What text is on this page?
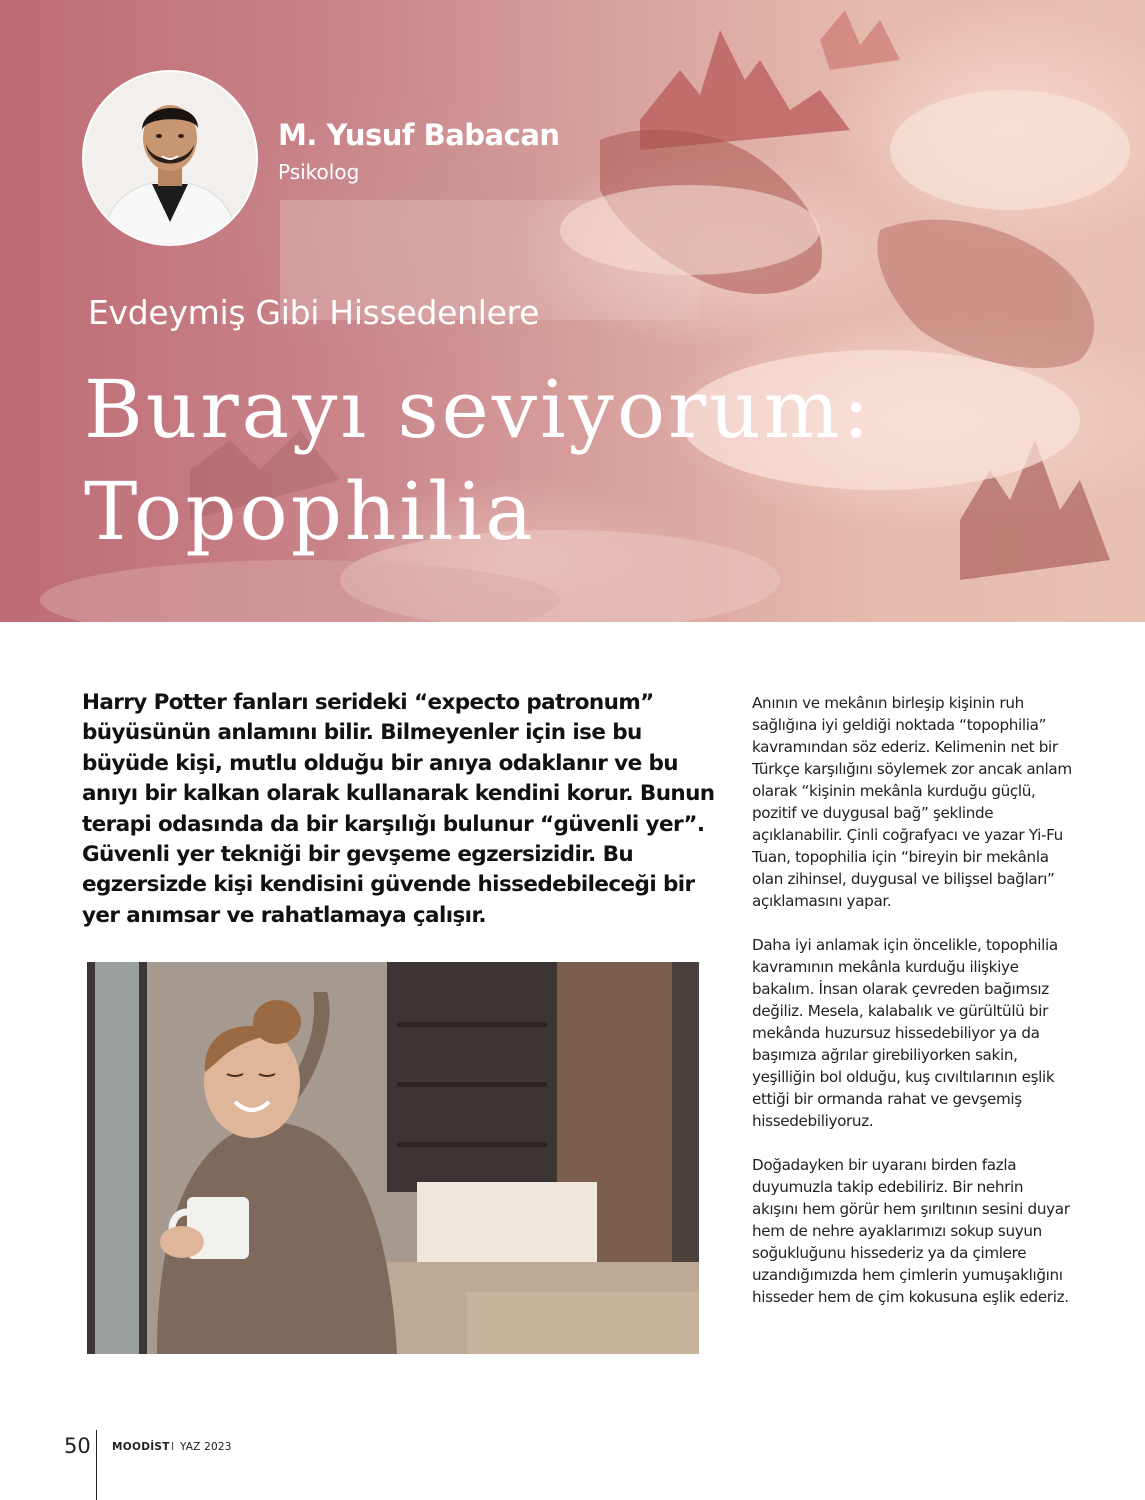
M. Yusuf Babacan
Psikolog
Evdeymiş Gibi Hissedenlere
Burayı seviyorum:
Topophilia

Harry Potter fanları serideki “expecto patronum” büyüsünün anlamını bilir. Bilmeyenler için ise bu büyüde kişi, mutlu olduğu bir anıya odaklanır ve bu anıyı bir kalkan olarak kullanarak kendini korur. Bunun terapi odasında da bir karşılığı bulunur “güvenli yer”. Güvenli yer tekniği bir gevşeme egzersizidir. Bu egzersizde kişi kendisini güvende hissedebileceği bir yer anımsar ve rahatlamaya çalışır.

Anının ve mekânın birleşip kişinin ruh sağlığına iyi geldiği noktada “topophilia” kavramından söz ederiz. Kelimenin net bir Türkçe karşılığını söylemek zor ancak anlam olarak “kişinin mekânla kurduğu güçlü, pozitif ve duygusal bağ” şeklinde açıklanabilir. Çinli coğrafyacı ve yazar Yi-Fu Tuan, topophilia için “bireyin bir mekânla olan zihinsel, duygusal ve bilişsel bağları” açıklamasını yapar.

Daha iyi anlamak için öncelikle, topophilia kavramının mekânla kurduğu ilişkiye bakalım. İnsan olarak çevreden bağımsız değiliz. Mesela, kalabalık ve gürültülü bir mekânda huzursuz hissedebiliyor ya da başımıza ağrılar girebiliyorken sakin, yeşilliğin bol olduğu, kuş cıvıltılarının eşlik ettiği bir ormanda rahat ve gevşemiş hissedebiliyoruz.

Doğadayken bir uyaranı birden fazla duyumuzla takip edebiliriz. Bir nehrin akışını hem görür hem şırıltının sesini duyar hem de nehre ayaklarımızı sokup suyun soğukluğunu hissederiz ya da çimlere uzandığımızda hem çimlerin yumuşaklığını hisseder hem de çim kokusuna eşlik ederiz.

50 MOODİST I YAZ 2023
